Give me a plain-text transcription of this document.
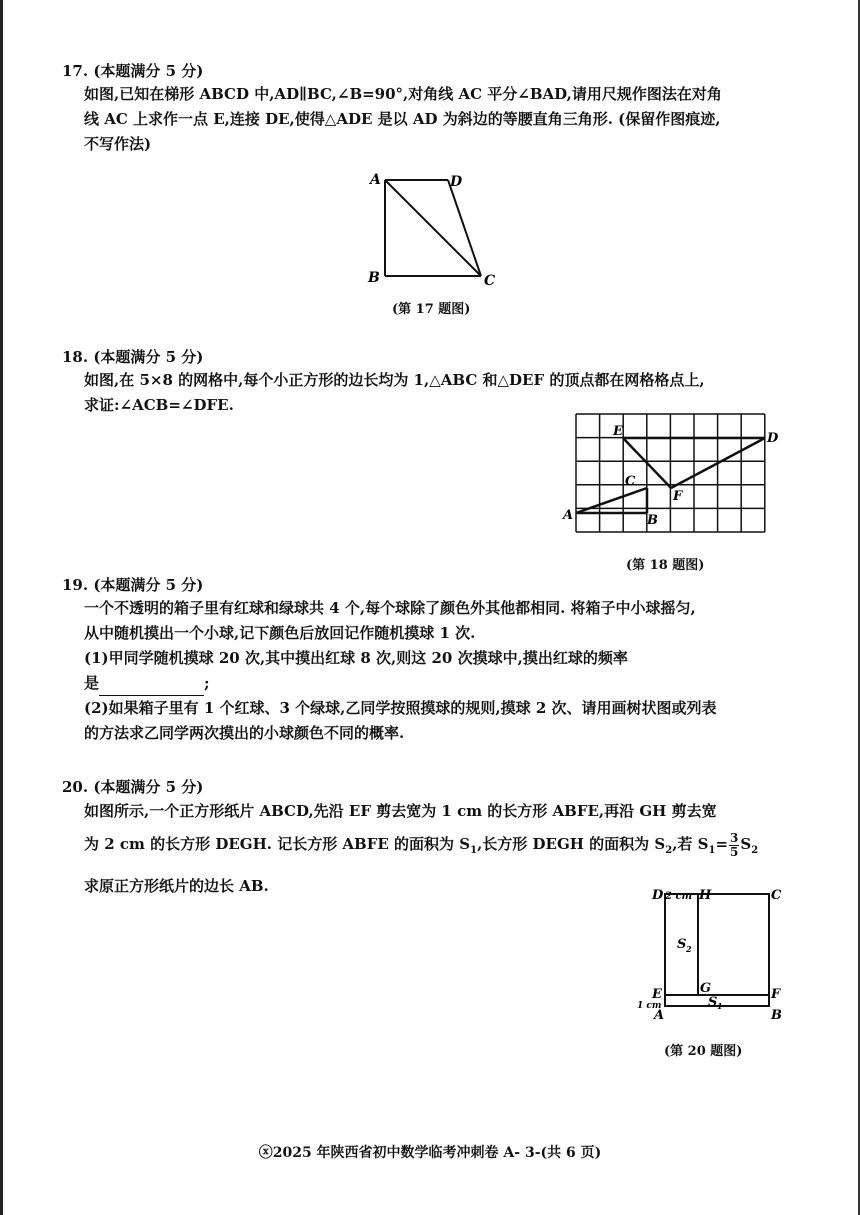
17. (本题满分 5 分)
如图,已知在梯形 ABCD 中,AD∥BC,∠B=90°,对角线 AC 平分∠BAD,请用尺规作图法在对角
线 AC 上求作一点 E,连接 DE,使得△ADE 是以 AD 为斜边的等腰直角三角形. (保留作图痕迹,
不写作法)
A	D
B	C
(第 17 题图)
18. (本题满分 5 分)
如图,在 5×8 的网格中,每个小正方形的边长均为 1,△ABC 和△DEF 的顶点都在网格格点上,
求证:∠ACB=∠DFE.
A	B
C
D
E
F
(第 18 题图)
19. (本题满分 5 分)
一个不透明的箱子里有红球和绿球共 4 个,每个球除了颜色外其他都相同. 将箱子中小球摇匀,
从中随机摸出一个小球,记下颜色后放回记作随机摸球 1 次.
(1)甲同学随机摸球 20 次,其中摸出红球 8 次,则这 20 次摸球中,摸出红球的频率
是	;
(2)如果箱子里有 1 个红球、3 个绿球,乙同学按照摸球的规则,摸球 2 次、请用画树状图或列表
的方法求乙同学两次摸出的小球颜色不同的概率.
20. (本题满分 5 分)
如图所示,一个正方形纸片 ABCD,先沿 EF 剪去宽为 1 cm 的长方形 ABFE,再沿 GH 剪去宽
为 2 cm 的长方形 DEGH. 记长方形 ABFE 的面积为 $S_1$,长方形 DEGH 的面积为 $S_2$,若 $S_1= \frac{3}{5} S_2$
求原正方形纸片的边长 AB.
D 2 cm H	C
S 2
G
E	F
1 cm	S 1
A	B
(第 20 题图)
ⓧ2025 年陕西省初中数学临考冲刺卷 A- 3-(共 6 页)
